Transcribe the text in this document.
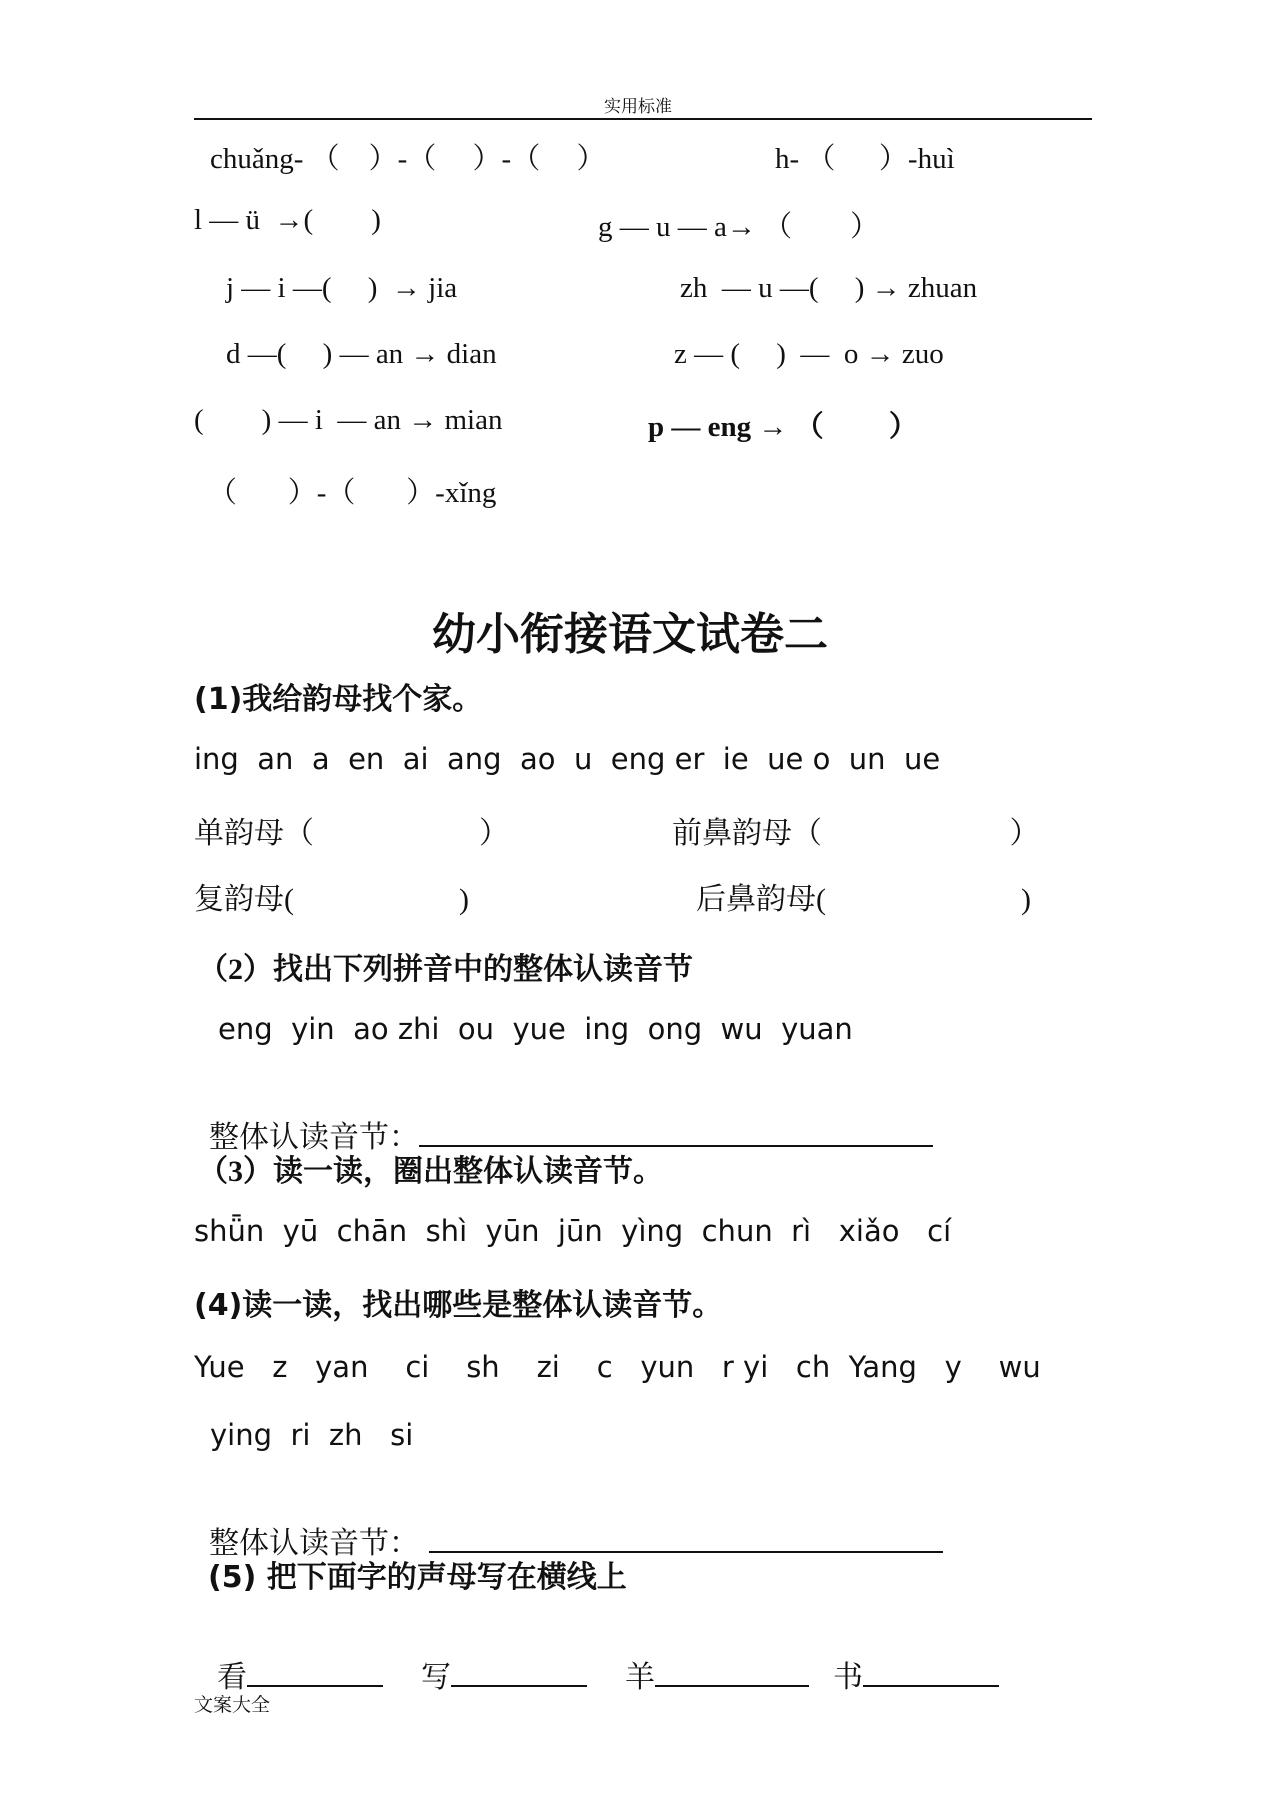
实用标准
chuǎng- （    ）-（     ）-（     ）	h- （      ）-huì
l — ü  →(        )	g — u — a→ （        ）
j — i —(     )  → jia	zh  — u —(     ) → zhuan
d —(     ) — an → dian	z — (     )  —  o → zuo
(        ) — i  — an → mian	p — eng → （         ）
（       ）-（       ）-xǐng
幼小衔接语文试卷二
(1)我给韵母找个家。
ing  an  a  en  ai  ang  ao  u  eng er  ie  ue o  un  ue
单韵母（                      ）	前鼻韵母（                         ）
复韵母(                      )	后鼻韵母(                          )
（2）找出下列拼音中的整体认读音节
eng  yin  ao zhi  ou  yue  ing  ong  wu  yuan

整体认读音节：

（3）读一读，圈出整体认读音节。
shǖn  yū  chān  shì  yūn  jūn  yìng  chun  rì   xiǎo   cí
(4)读一读，找出哪些是整体认读音节。
Yue   z   yan    ci    sh    zi    c   yun   r yi   ch  Yang   y    wu
ying  ri  zh   si

整体认读音节：

(5) 把下面字的声母写在横线上

看	写	羊	书

文案大全
